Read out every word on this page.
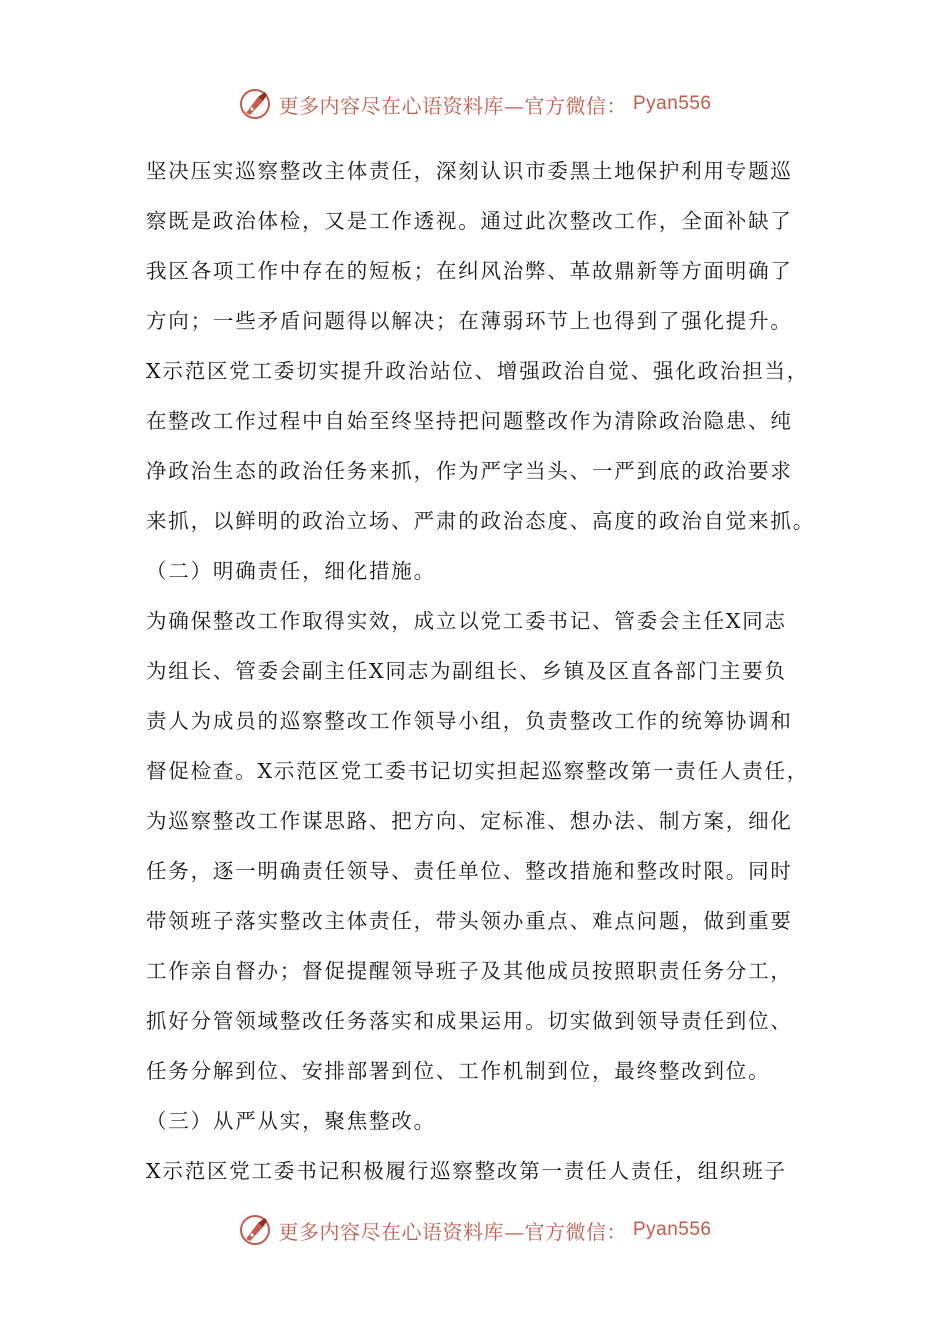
更多内容尽在心语资料库—官方微信： Pyan556
坚决压实巡察整改主体责任，深刻认识市委黑土地保护利用专题巡
察既是政治体检，又是工作透视。通过此次整改工作，全面补缺了
我区各项工作中存在的短板；在纠风治弊、革故鼎新等方面明确了
方向；一些矛盾问题得以解决；在薄弱环节上也得到了强化提升。
X示范区党工委切实提升政治站位、增强政治自觉、强化政治担当，
在整改工作过程中自始至终坚持把问题整改作为清除政治隐患、纯
净政治生态的政治任务来抓，作为严字当头、一严到底的政治要求
来抓，以鲜明的政治立场、严肃的政治态度、高度的政治自觉来抓。
（二）明确责任，细化措施。
为确保整改工作取得实效，成立以党工委书记、管委会主任X同志
为组长、管委会副主任X同志为副组长、乡镇及区直各部门主要负
责人为成员的巡察整改工作领导小组，负责整改工作的统筹协调和
督促检查。X示范区党工委书记切实担起巡察整改第一责任人责任，
为巡察整改工作谋思路、把方向、定标准、想办法、制方案，细化
任务，逐一明确责任领导、责任单位、整改措施和整改时限。同时
带领班子落实整改主体责任，带头领办重点、难点问题，做到重要
工作亲自督办；督促提醒领导班子及其他成员按照职责任务分工，
抓好分管领域整改任务落实和成果运用。切实做到领导责任到位、
任务分解到位、安排部署到位、工作机制到位，最终整改到位。
（三）从严从实，聚焦整改。
X示范区党工委书记积极履行巡察整改第一责任人责任，组织班子
更多内容尽在心语资料库—官方微信： Pyan556
